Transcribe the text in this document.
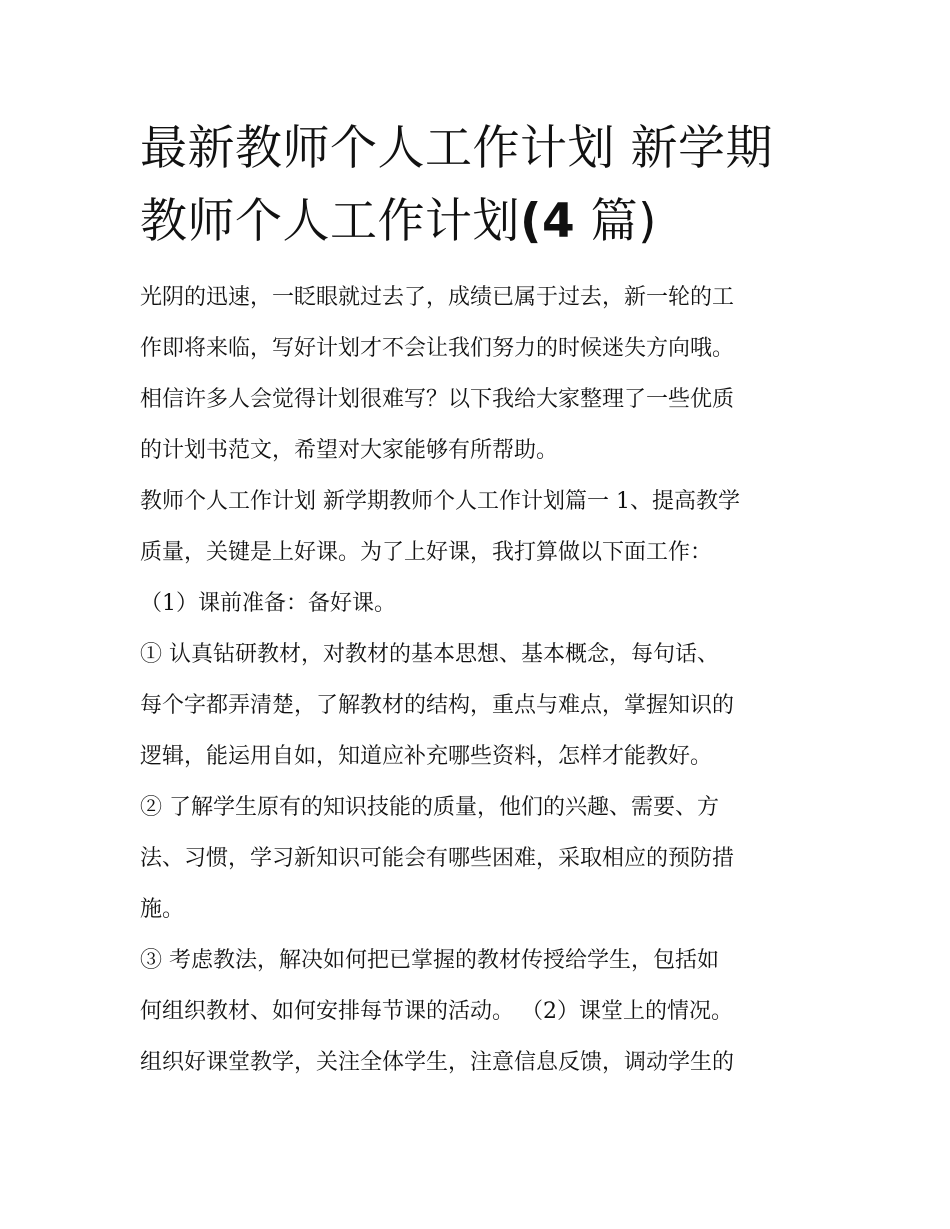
最新教师个人工作计划 新学期
教师个人工作计划(4 篇)
光阴的迅速，一眨眼就过去了，成绩已属于过去，新一轮的工
作即将来临，写好计划才不会让我们努力的时候迷失方向哦。
相信许多人会觉得计划很难写？以下我给大家整理了一些优质
的计划书范文，希望对大家能够有所帮助。
教师个人工作计划 新学期教师个人工作计划篇一 1、提高教学
质量，关键是上好课。为了上好课，我打算做以下面工作：
（1）课前准备：备好课。
① 认真钻研教材，对教材的基本思想、基本概念，每句话、
每个字都弄清楚，了解教材的结构，重点与难点，掌握知识的
逻辑，能运用自如，知道应补充哪些资料，怎样才能教好。
② 了解学生原有的知识技能的质量，他们的兴趣、需要、方
法、习惯，学习新知识可能会有哪些困难，采取相应的预防措
施。
③ 考虑教法，解决如何把已掌握的教材传授给学生，包括如
何组织教材、如何安排每节课的活动。 （2）课堂上的情况。
组织好课堂教学，关注全体学生，注意信息反馈，调动学生的
